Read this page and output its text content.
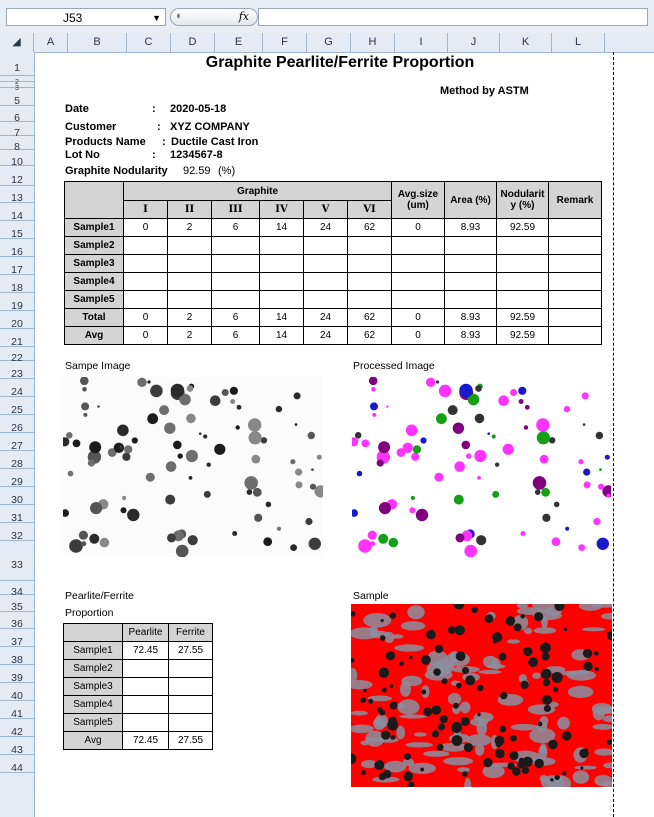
J53	▼ ◖	fx
◢	A	B	C	D	E	F	G	H	I	J	K	L
1
2
3
5
6
7
8
10
12
13
14
15
16
17
18
19
20
21
22
23
24
25
26
27
28
29
30
31
32
33
34
35
36
37
38
39
40
41
42
43
44
Graphite Pearlite/Ferrite Proportion
Method by ASTM
Date	: 2020-05-18
Customer	: XYZ COMPANY
Products Name : Ductile Cast Iron
Lot No	: 1234567-8
Graphite Nodularity 92.59 (%)
	Graphite						Avg.size (um)	Area (%)	Nodularit y (%)	Remark
	I	II	III	IV	V	VI				
Sample1	0	2	6	14	24	62	0	8.93	92.59	
Sample2										
Sample3										
Sample4										
Sample5										
Total	0	2	6	14	24	62	0	8.93	92.59	
Avg	0	2	6	14	24	62	0	8.93	92.59	
Sampe Image	Processed Image
Pearlite/Ferrite
Proportion
Sample
	Pearlite	Ferrite
Sample1	72.45	27.55
Sample2		
Sample3		
Sample4		
Sample5		
Avg	72.45	27.55
